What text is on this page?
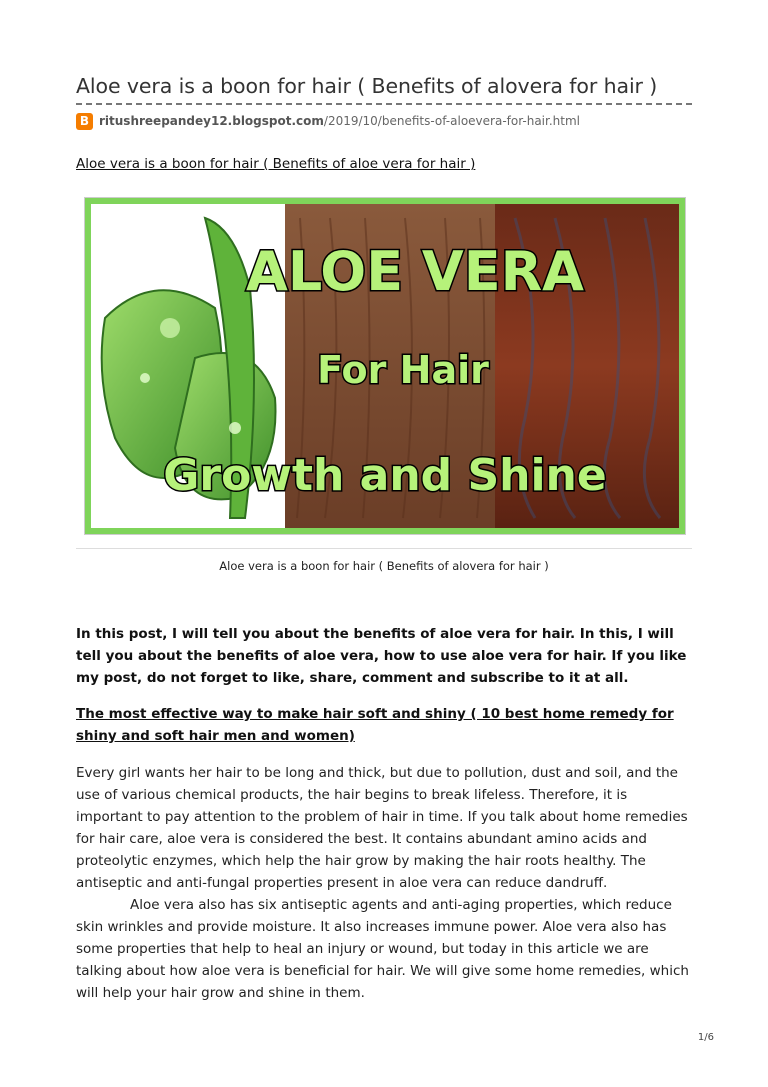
Aloe vera is a boon for hair ( Benefits of alovera for hair )
B ritushreepandey12.blogspot.com /2019/10/benefits-of-aloevera-for-hair.html
Aloe vera is a boon for hair ( Benefits of aloe vera for hair )
ALOE VERA
For Hair
Growth and Shine
Aloe vera is a boon for hair ( Benefits of alovera for hair )
In this post, I will tell you about the benefits of aloe vera for hair. In this, I will tell you about the benefits of aloe vera, how to use aloe vera for hair. If you like my post, do not forget to like, share, comment and subscribe to it at all.
The most effective way to make hair soft and shiny ( 10 best home remedy for shiny and soft hair men and women)

Every girl wants her hair to be long and thick, but due to pollution, dust and soil, and the use of various chemical products, the hair begins to break lifeless. Therefore, it is important to pay attention to the problem of hair in time. If you talk about home remedies for hair care, aloe vera is considered the best. It contains abundant amino acids and proteolytic enzymes, which help the hair grow by making the hair roots healthy. The antiseptic and anti-fungal properties present in aloe vera can reduce dandruff.

Aloe vera also has six antiseptic agents and anti-aging properties, which reduce skin wrinkles and provide moisture. It also increases immune power. Aloe vera also has some properties that help to heal an injury or wound, but today in this article we are talking about how aloe vera is beneficial for hair. We will give some home remedies, which will help your hair grow and shine in them.

1/6
